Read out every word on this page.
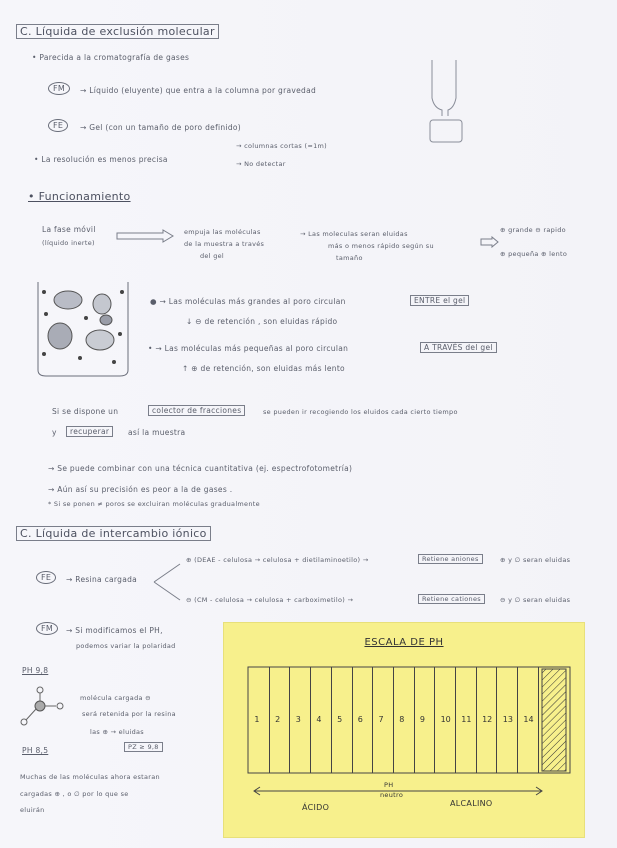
C. Líquida de exclusión molecular
• Parecida a la cromatografía de gases
FM	→ Líquido (eluyente) que entra a la columna por gravedad
FE	→ Gel (con un tamaño de poro definido)
• La resolución es menos precisa
→ columnas cortas (≈1m)
→ No detectar
• Funcionamiento
La fase móvil
(líquido inerte)
empuja las moléculas
de la muestra a través
del gel
→ Las moleculas seran eluidas
más o menos rápido según su
tamaño
⊕ grande ⊖ rapido
⊕ pequeña ⊕ lento
● → Las moléculas más grandes al poro circulan	ENTRE el gel
↓ ⊖ de retención , son eluidas rápido
• → Las moléculas más pequeñas al poro circulan	A TRAVÉS del gel
↑ ⊕ de retención, son eluidas más lento
Si se dispone un	colector de fracciones	se pueden ir recogiendo los eluidos cada cierto tiempo
y	recuperar	así la muestra
→ Se puede combinar con una técnica cuantitativa (ej. espectrofotometría)
→ Aún así su precisión es peor a la de gases .
* Si se ponen ≠ poros se excluiran moléculas gradualmente
C. Líquida de intercambio iónico
FE	→ Resina cargada
⊕ (DEAE - celulosa → celulosa + dietilaminoetilo) →	Retiene aniones	⊕ y ∅ seran eluidas
⊖ (CM - celulosa → celulosa + carboximetilo) →	Retiene cationes	⊖ y ∅ seran eluidas
FM	→ Si modificamos el PH,
podemos variar la polaridad
PH 9,8
molécula cargada ⊖
será retenida por la resina
las ⊕ → eluidas
PZ ≥ 9,8
PH 8,5
Muchas de las moléculas ahora estaran
cargadas ⊕ , o ∅ por lo que se
eluirán
ESCALA DE PH
1 2 3 4 5 6 7 8 9 10 11 12 13 14
ÁCIDO
PH
neutro
ALCALINO
